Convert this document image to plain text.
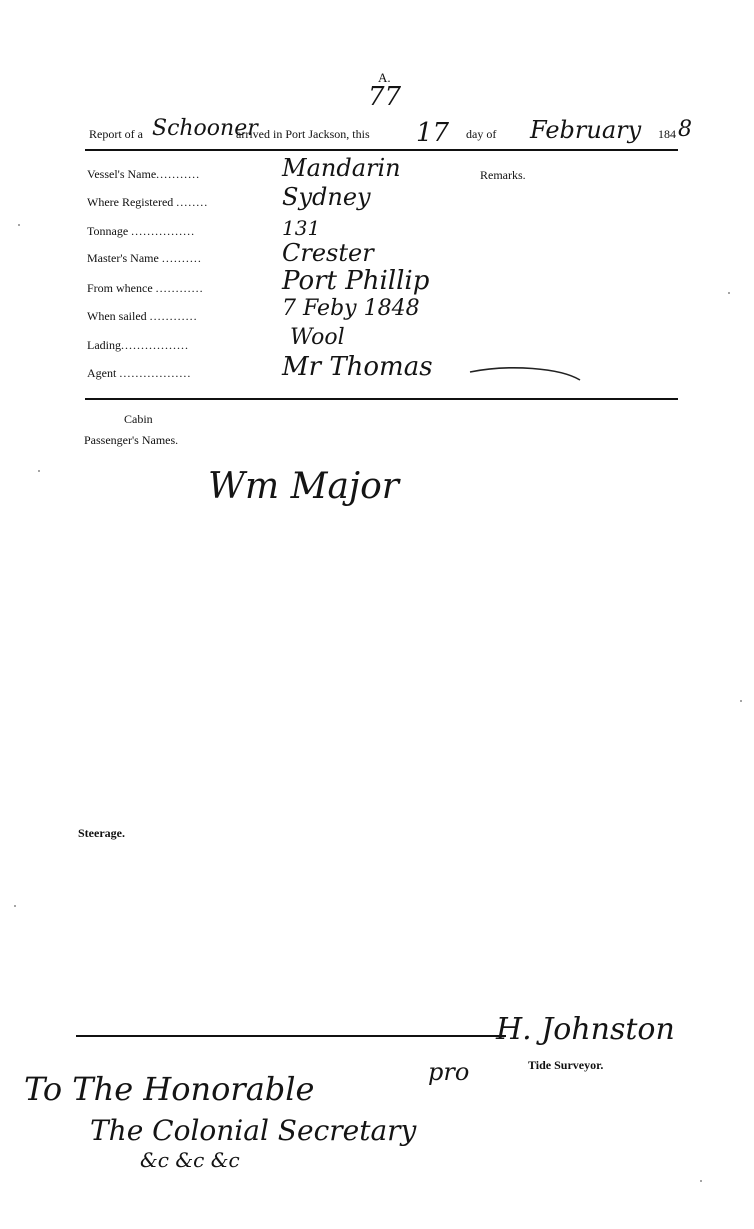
A.
77
Report of a Schooner
arrived in Port Jackson, this 17 day of February 184 8
Remarks.
Vessel's Name...........	Mandarin
Where Registered ........	Sydney
Tonnage ................	131
Master's Name ..........	Crester
From whence ............	Port Phillip
When sailed ............	7 Feby 1848
Lading.................	Wool
Agent ..................	Mr Thomas
Cabin
Passenger's Names.
Wm Major
Steerage.
H. Johnston
pro	Tide Surveyor.
To The Honorable
The Colonial Secretary
&c &c &c
